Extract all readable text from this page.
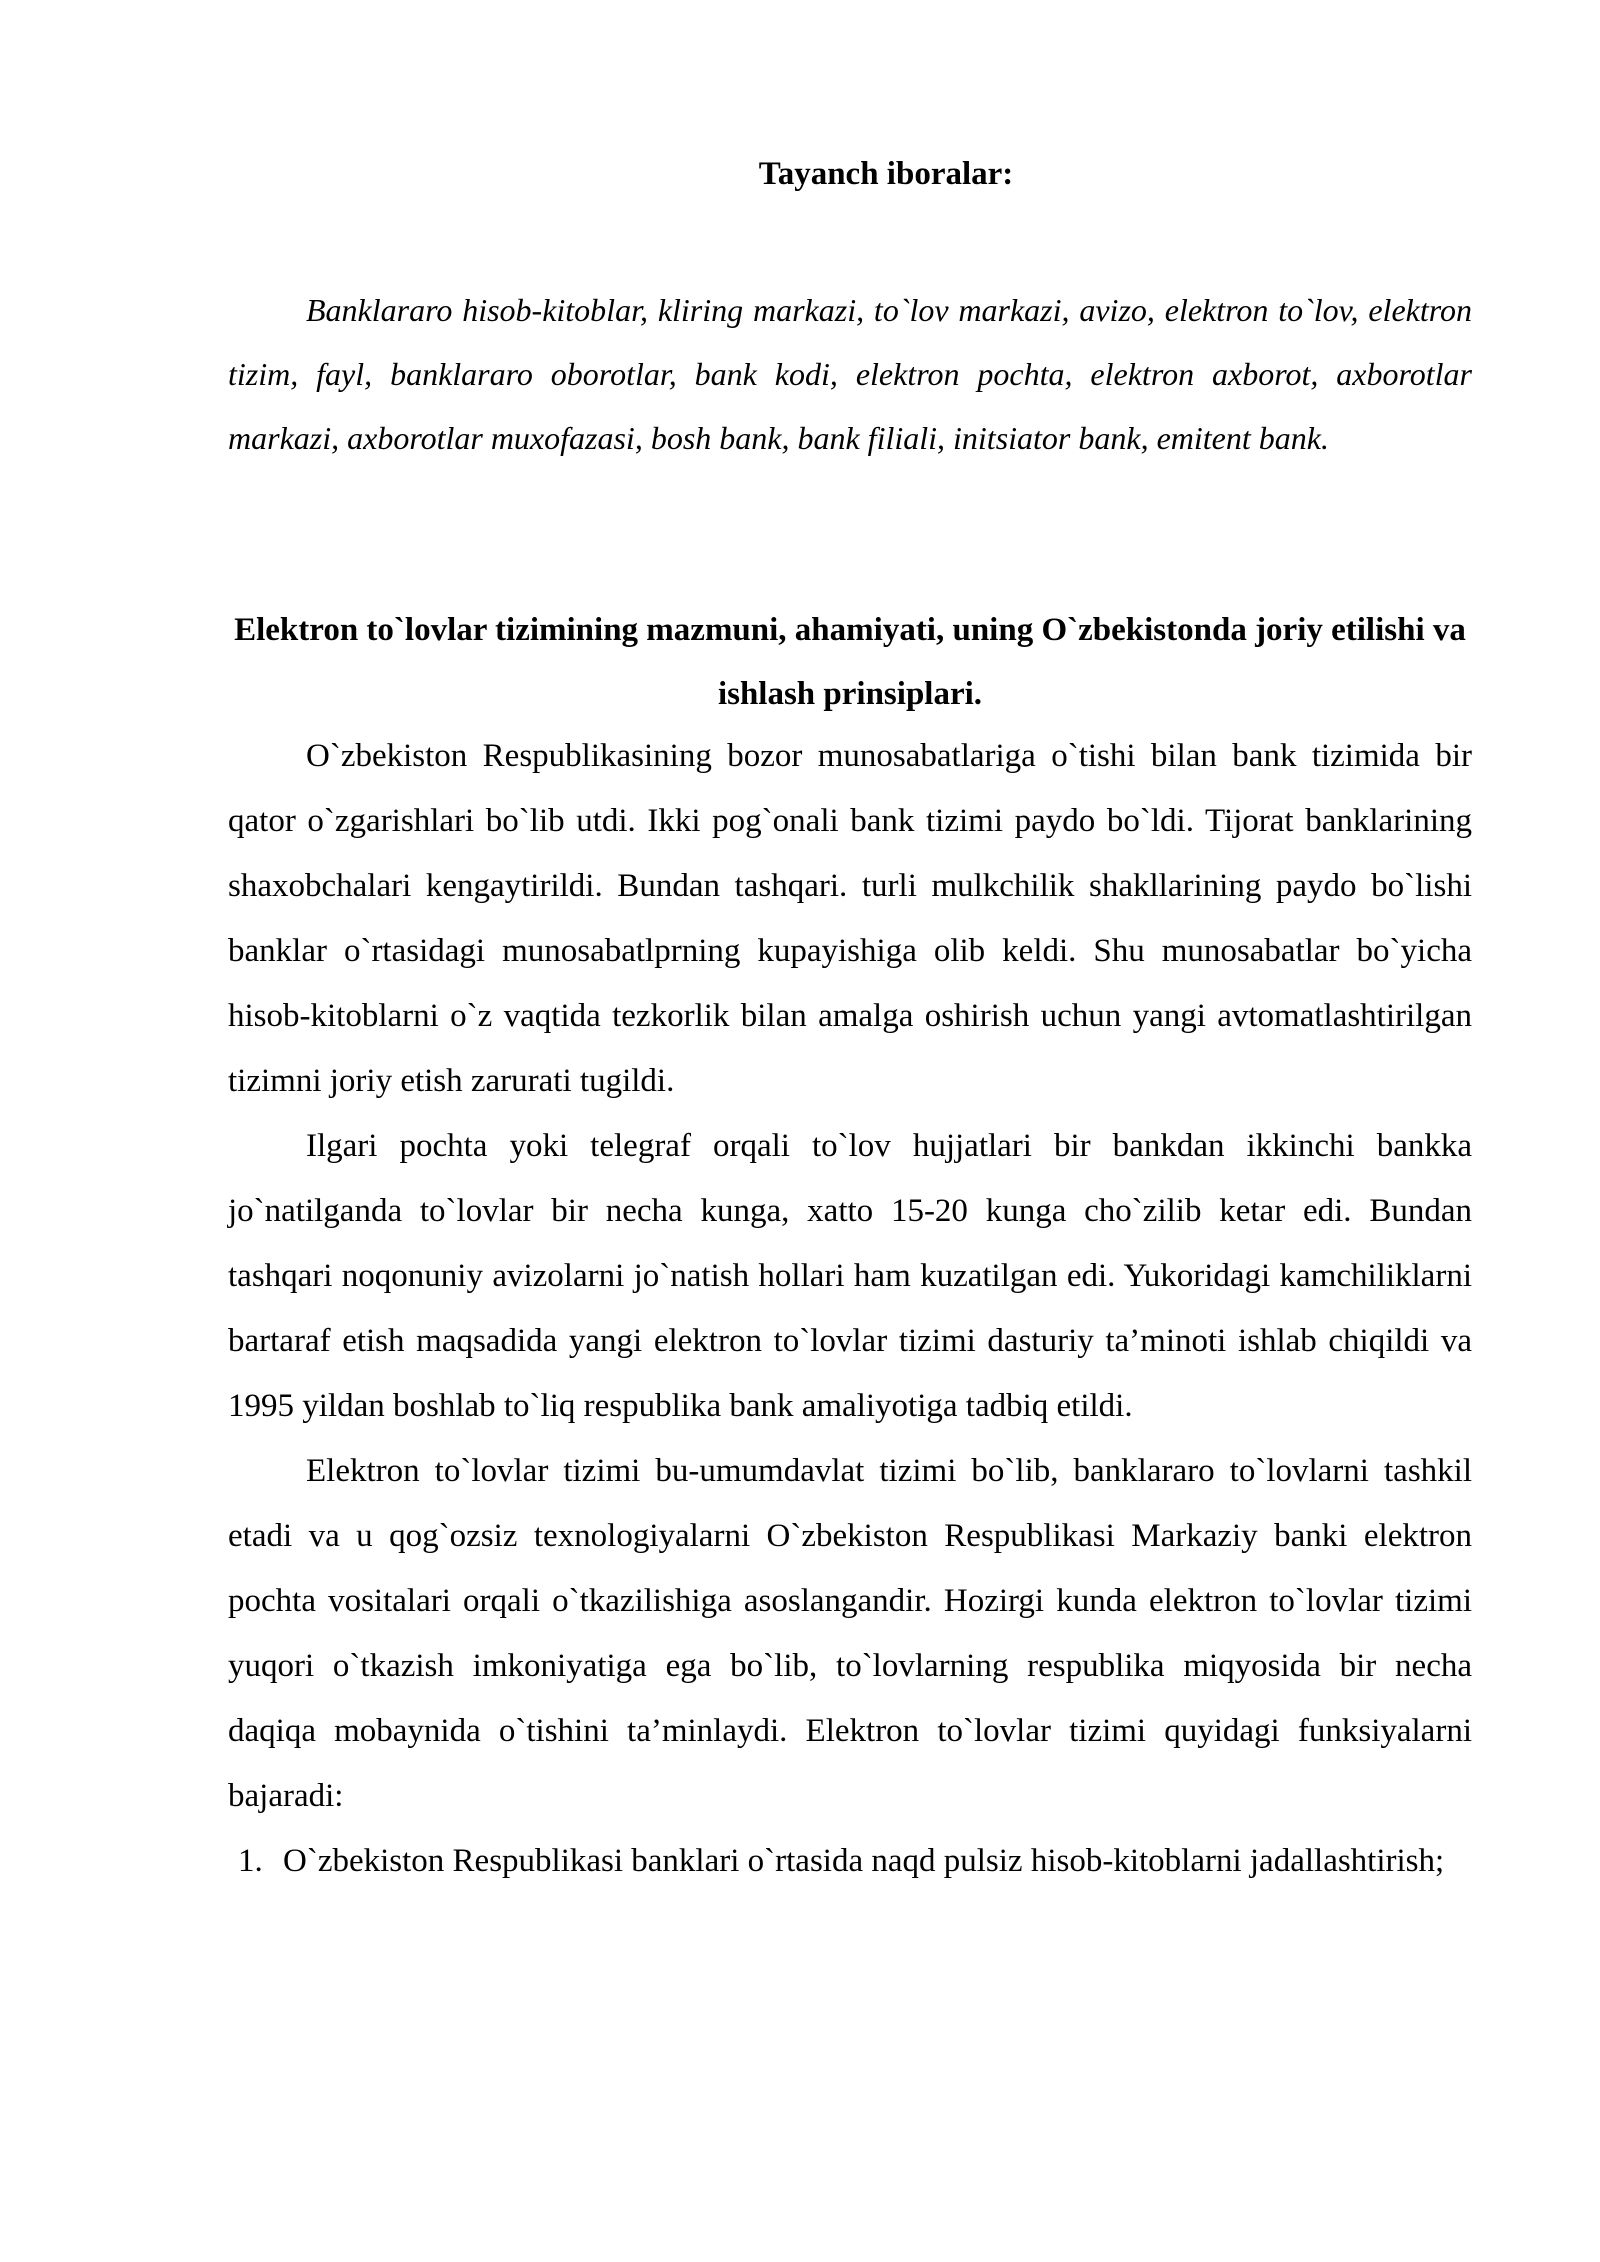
Tayanch iboralar:

Banklararo hisob-kitoblar, kliring markazi, to`lov markazi, avizo, elektron to`lov, elektron tizim, fayl, banklararo oborotlar, bank kodi, elektron pochta, elektron axborot, axborotlar markazi, axborotlar muxofazasi, bosh bank, bank filiali, initsiator bank, emitent bank.

Elektron to`lovlar tizimining mazmuni, ahamiyati, uning O`zbekistonda joriy etilishi va ishlash prinsiplari.

O`zbekiston Respublikasining bozor munosabatlariga o`tishi bilan bank tizimida bir qator o`zgarishlari bo`lib utdi. Ikki pog`onali bank tizimi paydo bo`ldi. Tijorat banklarining shaxobchalari kengaytirildi. Bundan tashqari. turli mulkchilik shakllarining paydo bo`lishi banklar o`rtasidagi munosabatlprning kupayishiga olib keldi. Shu munosabatlar bo`yicha hisob-kitoblarni o`z vaqtida tezkorlik bilan amalga oshirish uchun yangi avtomatlashtirilgan tizimni joriy etish zarurati tugildi.

Ilgari pochta yoki telegraf orqali to`lov hujjatlari bir bankdan ikkinchi bankka jo`natilganda to`lovlar bir necha kunga, xatto 15-20 kunga cho`zilib ketar edi. Bundan tashqari noqonuniy avizolarni jo`natish hollari ham kuzatilgan edi. Yukoridagi kamchiliklarni bartaraf etish maqsadida yangi elektron to`lovlar tizimi dasturiy ta’minoti ishlab chiqildi va 1995 yildan boshlab to`liq respublika bank amaliyotiga tadbiq etildi.

Elektron to`lovlar tizimi bu-umumdavlat tizimi bo`lib, banklararo to`lovlarni tashkil etadi va u qog`ozsiz texnologiyalarni O`zbekiston Respublikasi Markaziy banki elektron pochta vositalari orqali o`tkazilishiga asoslangandir. Hozirgi kunda elektron to`lovlar tizimi yuqori o`tkazish imkoniyatiga ega bo`lib, to`lovlarning respublika miqyosida bir necha daqiqa mobaynida o`tishini ta’minlaydi. Elektron to`lovlar tizimi quyidagi funksiyalarni bajaradi:

1. O`zbekiston Respublikasi banklari o`rtasida naqd pulsiz hisob-kitoblarni jadallashtirish;
